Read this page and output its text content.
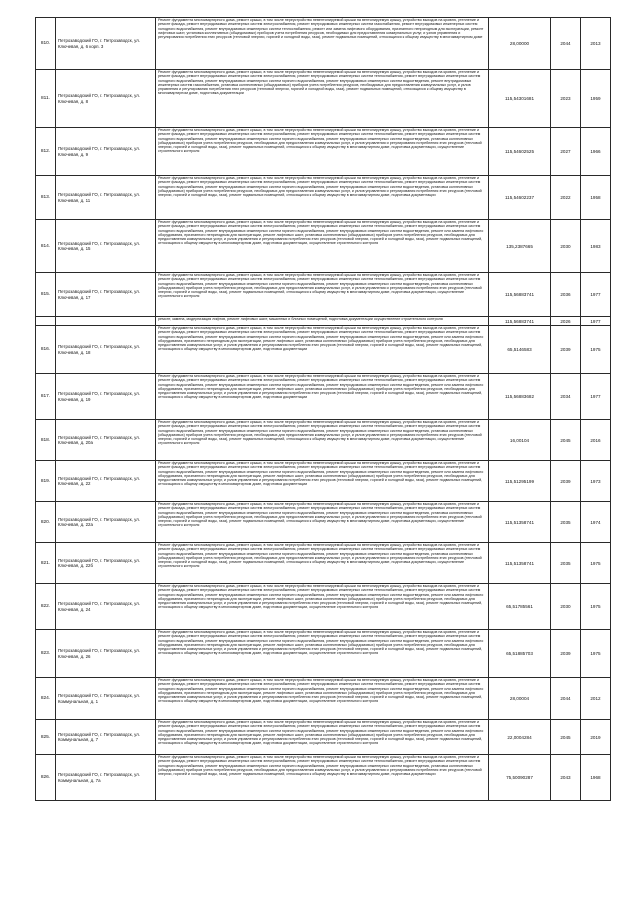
810.	Петрозаводский ГО, г. Петрозаводск, ул. Ключевая, д. 6 корп. 3	Ремонт фундамента многоквартирного дома, ремонт крыши, в том числе переустройство невентилируемой крыши на вентилируемую крышу, устройство выходов на кровлю, утепление и ремонт фасада, ремонт внутридомовых инженерных систем электроснабжения, ремонт внутридомовых инженерных систем газоснабжения, ремонт внутридомовых инженерных систем холодного водоснабжения, ремонт внутридомовых инженерных систем теплоснабжения, ремонт или замена лифтового оборудования, признанного непригодным для эксплуатации, ремонт лифтовых шахт, установка коллективных (общедомовых) приборов учета потребления ресурсов, необходимых для предоставления коммунальных услуг, и узлов управления и регулирования потребления этих ресурсов (тепловой энергии, горячей и холодной воды, газа), ремонт подвальных помещений, относящихся к общему имуществу в многоквартирном доме	28,00000	2044	2013
811.	Петрозаводский ГО, г. Петрозаводск, ул. Ключевая, д. 8	Ремонт фундамента многоквартирного дома, ремонт крыши, в том числе переустройство невентилируемой крыши на вентилируемую крышу, устройство выходов на кровлю, утепление и ремонт фасада, ремонт внутридомовых инженерных систем электроснабжения, ремонт внутридомовых инженерных систем теплоснабжения, ремонт внутридомовых инженерных систем холодного водоснабжения, ремонт внутридомовых инженерных систем горячего водоснабжения, ремонт внутридомовых инженерных систем водоотведения, ремонт внутридомовых инженерных систем газоснабжения, установка коллективных (общедомовых) приборов учета потребления ресурсов, необходимых для предоставления коммунальных услуг, и узлов управления и регулирования потребления этих ресурсов (тепловой энергии, горячей и холодной воды, газа), ремонт подвальных помещений, относящихся к общему имуществу в многоквартирном доме, подготовка документации	115,54301681	2023	1959
812.	Петрозаводский ГО, г. Петрозаводск, ул. Ключевая, д. 9	Ремонт фундамента многоквартирного дома, ремонт крыши, в том числе переустройство невентилируемой крыши на вентилируемую крышу, устройство выходов на кровлю, утепление и ремонт фасада, ремонт внутридомовых инженерных систем электроснабжения, ремонт внутридомовых инженерных систем теплоснабжения, ремонт внутридомовых инженерных систем холодного водоснабжения, ремонт внутридомовых инженерных систем горячего водоснабжения, ремонт внутридомовых инженерных систем водоотведения, установка коллективных (общедомовых) приборов учета потребления ресурсов, необходимых для предоставления коммунальных услуг, и узлов управления и регулирования потребления этих ресурсов (тепловой энергии, горячей и холодной воды, газа), ремонт подвальных помещений, относящихся к общему имуществу в многоквартирном доме, подготовка документации, осуществление строительного контроля	115,54602525	2027	1966
813.	Петрозаводский ГО, г. Петрозаводск, ул. Ключевая, д. 11	Ремонт фундамента многоквартирного дома, ремонт крыши, в том числе переустройство невентилируемой крыши на вентилируемую крышу, устройство выходов на кровлю, утепление и ремонт фасада, ремонт внутридомовых инженерных систем электроснабжения, ремонт внутридомовых инженерных систем теплоснабжения, ремонт внутридомовых инженерных систем холодного водоснабжения, ремонт внутридомовых инженерных систем горячего водоснабжения, ремонт внутридомовых инженерных систем водоотведения, установка коллективных (общедомовых) приборов учета потребления ресурсов, необходимых для предоставления коммунальных услуг, и узлов управления и регулирования потребления этих ресурсов (тепловой энергии, горячей и холодной воды, газа), ремонт подвальных помещений, относящихся к общему имуществу в многоквартирном доме, подготовка документации	115,54602237	2022	1958
814.	Петрозаводский ГО, г. Петрозаводск, ул. Ключевая, д. 15	Ремонт фундамента многоквартирного дома, ремонт крыши, в том числе переустройство невентилируемой крыши на вентилируемую крышу, устройство выходов на кровлю, утепление и ремонт фасада, ремонт внутридомовых инженерных систем электроснабжения, ремонт внутридомовых инженерных систем теплоснабжения, ремонт внутридомовых инженерных систем холодного водоснабжения, ремонт внутридомовых инженерных систем горячего водоснабжения, ремонт внутридомовых инженерных систем водоотведения, ремонт или замена лифтового оборудования, признанного непригодным для эксплуатации, ремонт лифтовых шахт, установка коллективных (общедомовых) приборов учета потребления ресурсов, необходимых для предоставления коммунальных услуг, и узлов управления и регулирования потребления этих ресурсов (тепловой энергии, горячей и холодной воды, газа), ремонт подвальных помещений, относящихся к общему имуществу в многоквартирном доме, подготовка документации, осуществление строительного контроля	135,2387665	2030	1983
815.	Петрозаводский ГО, г. Петрозаводск, ул. Ключевая, д. 17	Ремонт фундамента многоквартирного дома, ремонт крыши, в том числе переустройство невентилируемой крыши на вентилируемую крышу, устройство выходов на кровлю, утепление и ремонт фасада, ремонт внутридомовых инженерных систем электроснабжения, ремонт внутридомовых инженерных систем теплоснабжения, ремонт внутридомовых инженерных систем холодного водоснабжения, ремонт внутридомовых инженерных систем горячего водоснабжения, ремонт внутридомовых инженерных систем водоотведения, установка коллективных (общедомовых) приборов учета потребления ресурсов, необходимых для предоставления коммунальных услуг, и узлов управления и регулирования потребления этих ресурсов (тепловой энергии, горячей и холодной воды, газа), ремонт подвальных помещений, относящихся к общему имуществу в многоквартирном доме, подготовка документации, осуществление строительного контроля	115,56883741	2036	1977

		ремонт, замена, модернизация лифтов, ремонт лифтовых шахт, машинных и блочных помещений, подготовка документации осуществление строительного контроля	115,56883741	2026	1977
816.	Петрозаводский ГО, г. Петрозаводск, ул. Ключевая, д. 18	Ремонт фундамента многоквартирного дома, ремонт крыши, в том числе переустройство невентилируемой крыши на вентилируемую крышу, устройство выходов на кровлю, утепление и ремонт фасада, ремонт внутридомовых инженерных систем электроснабжения, ремонт внутридомовых инженерных систем теплоснабжения, ремонт внутридомовых инженерных систем холодного водоснабжения, ремонт внутридомовых инженерных систем горячего водоснабжения, ремонт внутридомовых инженерных систем водоотведения, ремонт или замена лифтового оборудования, признанного непригодным для эксплуатации, ремонт лифтовых шахт, установка коллективных (общедомовых) приборов учета потребления ресурсов, необходимых для предоставления коммунальных услуг, и узлов управления и регулирования потребления этих ресурсов (тепловой энергии, горячей и холодной воды, газа), ремонт подвальных помещений, относящихся к общему имуществу в многоквартирном доме, подготовка документации	65,5146583	2039	1975
817.	Петрозаводский ГО, г. Петрозаводск, ул. Ключевая, д. 19	Ремонт фундамента многоквартирного дома, ремонт крыши, в том числе переустройство невентилируемой крыши на вентилируемую крышу, устройство выходов на кровлю, утепление и ремонт фасада, ремонт внутридомовых инженерных систем электроснабжения, ремонт внутридомовых инженерных систем теплоснабжения, ремонт внутридомовых инженерных систем холодного водоснабжения, ремонт внутридомовых инженерных систем горячего водоснабжения, ремонт внутридомовых инженерных систем водоотведения, ремонт или замена лифтового оборудования, признанного непригодным для эксплуатации, ремонт лифтовых шахт, установка коллективных (общедомовых) приборов учета потребления ресурсов, необходимых для предоставления коммунальных услуг, и узлов управления и регулирования потребления этих ресурсов (тепловой энергии, горячей и холодной воды, газа), ремонт подвальных помещений, относящихся к общему имуществу в многоквартирном доме, подготовка документации	115,56883682	2034	1977
818.	Петрозаводский ГО, г. Петрозаводск, ул. Ключевая, д. 20а	Ремонт фундамента многоквартирного дома, ремонт крыши, в том числе переустройство невентилируемой крыши на вентилируемую крышу, устройство выходов на кровлю, утепление и ремонт фасада, ремонт внутридомовых инженерных систем электроснабжения, ремонт внутридомовых инженерных систем теплоснабжения, ремонт внутридомовых инженерных систем холодного водоснабжения, ремонт внутридомовых инженерных систем горячего водоснабжения, ремонт внутридомовых инженерных систем водоотведения, установка коллективных (общедомовых) приборов учета потребления ресурсов, необходимых для предоставления коммунальных услуг, и узлов управления и регулирования потребления этих ресурсов (тепловой энергии, горячей и холодной воды, газа), ремонт подвальных помещений, относящихся к общему имуществу в многоквартирном доме, подготовка документации, осуществление строительного контроля	16,00104	2045	2016
819.	Петрозаводский ГО, г. Петрозаводск, ул. Ключевая, д. 22	Ремонт фундамента многоквартирного дома, ремонт крыши, в том числе переустройство невентилируемой крыши на вентилируемую крышу, устройство выходов на кровлю, утепление и ремонт фасада, ремонт внутридомовых инженерных систем электроснабжения, ремонт внутридомовых инженерных систем теплоснабжения, ремонт внутридомовых инженерных систем холодного водоснабжения, ремонт внутридомовых инженерных систем горячего водоснабжения, ремонт внутридомовых инженерных систем водоотведения, ремонт или замена лифтового оборудования, признанного непригодным для эксплуатации, ремонт лифтовых шахт, установка коллективных (общедомовых) приборов учета потребления ресурсов, необходимых для предоставления коммунальных услуг, и узлов управления и регулирования потребления этих ресурсов (тепловой энергии, горячей и холодной воды, газа), ремонт подвальных помещений, относящихся к общему имуществу в многоквартирном доме, подготовка документации	115,51295199	2039	1973
820.	Петрозаводский ГО, г. Петрозаводск, ул. Ключевая, д. 22а	Ремонт фундамента многоквартирного дома, ремонт крыши, в том числе переустройство невентилируемой крыши на вентилируемую крышу, устройство выходов на кровлю, утепление и ремонт фасада, ремонт внутридомовых инженерных систем электроснабжения, ремонт внутридомовых инженерных систем теплоснабжения, ремонт внутридомовых инженерных систем холодного водоснабжения, ремонт внутридомовых инженерных систем горячего водоснабжения, ремонт внутридомовых инженерных систем водоотведения, установка коллективных (общедомовых) приборов учета потребления ресурсов, необходимых для предоставления коммунальных услуг, и узлов управления и регулирования потребления этих ресурсов (тепловой энергии, горячей и холодной воды, газа), ремонт подвальных помещений, относящихся к общему имуществу в многоквартирном доме, подготовка документации, осуществление строительного контроля	115,51358741	2035	1974
821.	Петрозаводский ГО, г. Петрозаводск, ул. Ключевая, д. 22б	Ремонт фундамента многоквартирного дома, ремонт крыши, в том числе переустройство невентилируемой крыши на вентилируемую крышу, устройство выходов на кровлю, утепление и ремонт фасада, ремонт внутридомовых инженерных систем электроснабжения, ремонт внутридомовых инженерных систем теплоснабжения, ремонт внутридомовых инженерных систем холодного водоснабжения, ремонт внутридомовых инженерных систем горячего водоснабжения, ремонт внутридомовых инженерных систем водоотведения, установка коллективных (общедомовых) приборов учета потребления ресурсов, необходимых для предоставления коммунальных услуг, и узлов управления и регулирования потребления этих ресурсов (тепловой энергии, горячей и холодной воды, газа), ремонт подвальных помещений, относящихся к общему имуществу в многоквартирном доме, подготовка документации, осуществление строительного контроля	115,51358741	2035	1975
822.	Петрозаводский ГО, г. Петрозаводск, ул. Ключевая, д. 24	Ремонт фундамента многоквартирного дома, ремонт крыши, в том числе переустройство невентилируемой крыши на вентилируемую крышу, устройство выходов на кровлю, утепление и ремонт фасада, ремонт внутридомовых инженерных систем электроснабжения, ремонт внутридомовых инженерных систем теплоснабжения, ремонт внутридомовых инженерных систем холодного водоснабжения, ремонт внутридомовых инженерных систем горячего водоснабжения, ремонт внутридомовых инженерных систем водоотведения, ремонт или замена лифтового оборудования, признанного непригодным для эксплуатации, ремонт лифтовых шахт, установка коллективных (общедомовых) приборов учета потребления ресурсов, необходимых для предоставления коммунальных услуг, и узлов управления и регулирования потребления этих ресурсов (тепловой энергии, горячей и холодной воды, газа), ремонт подвальных помещений, относящихся к общему имуществу в многоквартирном доме, подготовка документации, осуществление строительного контроля	65,51785561	2030	1975
823.	Петрозаводский ГО, г. Петрозаводск, ул. Ключевая, д. 26	Ремонт фундамента многоквартирного дома, ремонт крыши, в том числе переустройство невентилируемой крыши на вентилируемую крышу, устройство выходов на кровлю, утепление и ремонт фасада, ремонт внутридомовых инженерных систем электроснабжения, ремонт внутридомовых инженерных систем теплоснабжения, ремонт внутридомовых инженерных систем холодного водоснабжения, ремонт внутридомовых инженерных систем горячего водоснабжения, ремонт внутридомовых инженерных систем водоотведения, ремонт или замена лифтового оборудования, признанного непригодным для эксплуатации, ремонт лифтовых шахт, установка коллективных (общедомовых) приборов учета потребления ресурсов, необходимых для предоставления коммунальных услуг, и узлов управления и регулирования потребления этих ресурсов (тепловой энергии, горячей и холодной воды, газа), ремонт подвальных помещений, относящихся к общему имуществу в многоквартирном доме, подготовка документации, осуществление строительного контроля	65,51885703	2039	1975
824.	Петрозаводский ГО, г. Петрозаводск, ул. Коммунальная, д. 1	Ремонт фундамента многоквартирного дома, ремонт крыши, в том числе переустройство невентилируемой крыши на вентилируемую крышу, устройство выходов на кровлю, утепление и ремонт фасада, ремонт внутридомовых инженерных систем электроснабжения, ремонт внутридомовых инженерных систем теплоснабжения, ремонт внутридомовых инженерных систем холодного водоснабжения, ремонт внутридомовых инженерных систем горячего водоснабжения, ремонт внутридомовых инженерных систем водоотведения, ремонт или замена лифтового оборудования, признанного непригодным для эксплуатации, ремонт лифтовых шахт, установка коллективных (общедомовых) приборов учета потребления ресурсов, необходимых для предоставления коммунальных услуг, и узлов управления и регулирования потребления этих ресурсов (тепловой энергии, горячей и холодной воды, газа), ремонт подвальных помещений, относящихся к общему имуществу в многоквартирном доме, подготовка документации, осуществление строительного контроля	28,00004	2044	2012
825.	Петрозаводский ГО, г. Петрозаводск, ул. Коммунальная, д. 7	Ремонт фундамента многоквартирного дома, ремонт крыши, в том числе переустройство невентилируемой крыши на вентилируемую крышу, устройство выходов на кровлю, утепление и ремонт фасада, ремонт внутридомовых инженерных систем электроснабжения, ремонт внутридомовых инженерных систем теплоснабжения, ремонт внутридомовых инженерных систем холодного водоснабжения, ремонт внутридомовых инженерных систем горячего водоснабжения, ремонт внутридомовых инженерных систем водоотведения, ремонт или замена лифтового оборудования, признанного непригодным для эксплуатации, ремонт лифтовых шахт, установка коллективных (общедомовых) приборов учета потребления ресурсов, необходимых для предоставления коммунальных услуг, и узлов управления и регулирования потребления этих ресурсов (тепловой энергии, горячей и холодной воды, газа), ремонт подвальных помещений, относящихся к общему имуществу в многоквартирном доме, подготовка документации, осуществление строительного контроля	22,0004284	2045	2019
826.	Петрозаводский ГО, г. Петрозаводск, ул. Коммунальная, д. 7а	Ремонт фундамента многоквартирного дома, ремонт крыши, в том числе переустройство невентилируемой крыши на вентилируемую крышу, устройство выходов на кровлю, утепление и ремонт фасада, ремонт внутридомовых инженерных систем электроснабжения, ремонт внутридомовых инженерных систем теплоснабжения, ремонт внутридомовых инженерных систем холодного водоснабжения, ремонт внутридомовых инженерных систем горячего водоснабжения, ремонт внутридомовых инженерных систем водоотведения, установка коллективных (общедомовых) приборов учета потребления ресурсов, необходимых для предоставления коммунальных услуг, и узлов управления и регулирования потребления этих ресурсов (тепловой энергии, горячей и холодной воды, газа), ремонт подвальных помещений, относящихся к общему имуществу в многоквартирном доме, подготовка документации	75,50090287	2043	1968
